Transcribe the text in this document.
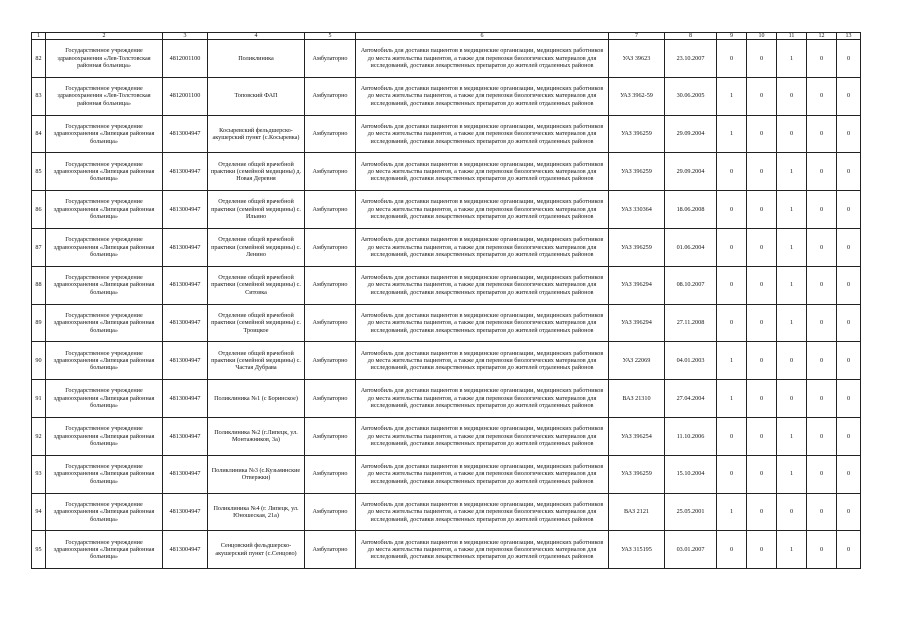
1	2	3	4	5	6	7	8	9	10	11	12	13
82	Государственное учреждение здравоохранения «Лев-Толстовская районная больница»	4812001100	Поликлиника	Амбулаторно	Автомобиль для доставки пациентов в медицинские организации, медицинских работников до места жительства пациентов, а также для перевозки биологических материалов для исследований, доставки лекарственных препаратов до жителей отдаленных районов	УАЗ 39623	23.10.2007	0	0	1	0	0
83	Государственное учреждение здравоохранения «Лев-Толстовская районная больница»	4812001100	Топовский ФАП	Амбулаторно	Автомобиль для доставки пациентов в медицинские организации, медицинских работников до места жительства пациентов, а также для перевозки биологических материалов для исследований, доставки лекарственных препаратов до жителей отдаленных районов	УАЗ 3962-59	30.06.2005	1	0	0	0	0
84	Государственное учреждение здравоохранения «Липецкая районная больница»	4813004947	Косыревский фельдшерско-акушерский пункт (с.Косыревка)	Амбулаторно	Автомобиль для доставки пациентов в медицинские организации, медицинских работников до места жительства пациентов, а также для перевозки биологических материалов для исследований, доставки лекарственных препаратов до жителей отдаленных районов	УАЗ 396259	29.09.2004	1	0	0	0	0
85	Государственное учреждение здравоохранения «Липецкая районная больница»	4813004947	Отделение общей врачебной практики (семейной медицины) д. Новая Деревня	Амбулаторно	Автомобиль для доставки пациентов в медицинские организации, медицинских работников до места жительства пациентов, а также для перевозки биологических материалов для исследований, доставки лекарственных препаратов до жителей отдаленных районов	УАЗ 396259	29.09.2004	0	0	1	0	0
86	Государственное учреждение здравоохранения «Липецкая районная больница»	4813004947	Отделение общей врачебной практики (семейной медицины) с. Ильино	Амбулаторно	Автомобиль для доставки пациентов в медицинские организации, медицинских работников до места жительства пациентов, а также для перевозки биологических материалов для исследований, доставки лекарственных препаратов до жителей отдаленных районов	УАЗ 330364	18.06.2008	0	0	1	0	0
87	Государственное учреждение здравоохранения «Липецкая районная больница»	4813004947	Отделение общей врачебной практики (семейной медицины) с. Ленино	Амбулаторно	Автомобиль для доставки пациентов в медицинские организации, медицинских работников до места жительства пациентов, а также для перевозки биологических материалов для исследований, доставки лекарственных препаратов до жителей отдаленных районов	УАЗ 396259	01.06.2004	0	0	1	0	0
88	Государственное учреждение здравоохранения «Липецкая районная больница»	4813004947	Отделение общей врачебной практики (семейной медицины) с. Ситовка	Амбулаторно	Автомобиль для доставки пациентов в медицинские организации, медицинских работников до места жительства пациентов, а также для перевозки биологических материалов для исследований, доставки лекарственных препаратов до жителей отдаленных районов	УАЗ 396294	08.10.2007	0	0	1	0	0
89	Государственное учреждение здравоохранения «Липецкая районная больница»	4813004947	Отделение общей врачебной практики (семейной медицины) с. Троицкое	Амбулаторно	Автомобиль для доставки пациентов в медицинские организации, медицинских работников до места жительства пациентов, а также для перевозки биологических материалов для исследований, доставки лекарственных препаратов до жителей отдаленных районов	УАЗ 396294	27.11.2008	0	0	1	0	0
90	Государственное учреждение здравоохранения «Липецкая районная больница»	4813004947	Отделение общей врачебной практики (семейной медицины) с. Частая Дубрава	Амбулаторно	Автомобиль для доставки пациентов в медицинские организации, медицинских работников до места жительства пациентов, а также для перевозки биологических материалов для исследований, доставки лекарственных препаратов до жителей отдаленных районов	УАЗ 22069	04.01.2003	1	0	0	0	0
91	Государственное учреждение здравоохранения «Липецкая районная больница»	4813004947	Поликлиника №1 (с Боринское)	Амбулаторно	Автомобиль для доставки пациентов в медицинские организации, медицинских работников до места жительства пациентов, а также для перевозки биологических материалов для исследований, доставки лекарственных препаратов до жителей отдаленных районов	ВАЗ 21310	27.04.2004	1	0	0	0	0
92	Государственное учреждение здравоохранения «Липецкая районная больница»	4813004947	Поликлиника №2 (г.Липецк, ул. Монтажников, 3а)	Амбулаторно	Автомобиль для доставки пациентов в медицинские организации, медицинских работников до места жительства пациентов, а также для перевозки биологических материалов для исследований, доставки лекарственных препаратов до жителей отдаленных районов	УАЗ 396254	11.10.2006	0	0	1	0	0
93	Государственное учреждение здравоохранения «Липецкая районная больница»	4813004947	Поликлиника №3 (с.Кузьминские Отвержки)	Амбулаторно	Автомобиль для доставки пациентов в медицинские организации, медицинских работников до места жительства пациентов, а также для перевозки биологических материалов для исследований, доставки лекарственных препаратов до жителей отдаленных районов	УАЗ 396259	15.10.2004	0	0	1	0	0
94	Государственное учреждение здравоохранения «Липецкая районная больница»	4813004947	Поликлиника №4 (г. Липецк, ул. Юношеская, 21а)	Амбулаторно	Автомобиль для доставки пациентов в медицинские организации, медицинских работников до места жительства пациентов, а также для перевозки биологических материалов для исследований, доставки лекарственных препаратов до жителей отдаленных районов	ВАЗ 2121	25.05.2001	1	0	0	0	0
95	Государственное учреждение здравоохранения «Липецкая районная больница»	4813004947	Сенцовский фельдшерско-акушерский пункт (с.Сенцово)	Амбулаторно	Автомобиль для доставки пациентов в медицинские организации, медицинских работников до места жительства пациентов, а также для перевозки биологических материалов для исследований, доставки лекарственных препаратов до жителей отдаленных районов	УАЗ 315195	03.01.2007	0	0	1	0	0
